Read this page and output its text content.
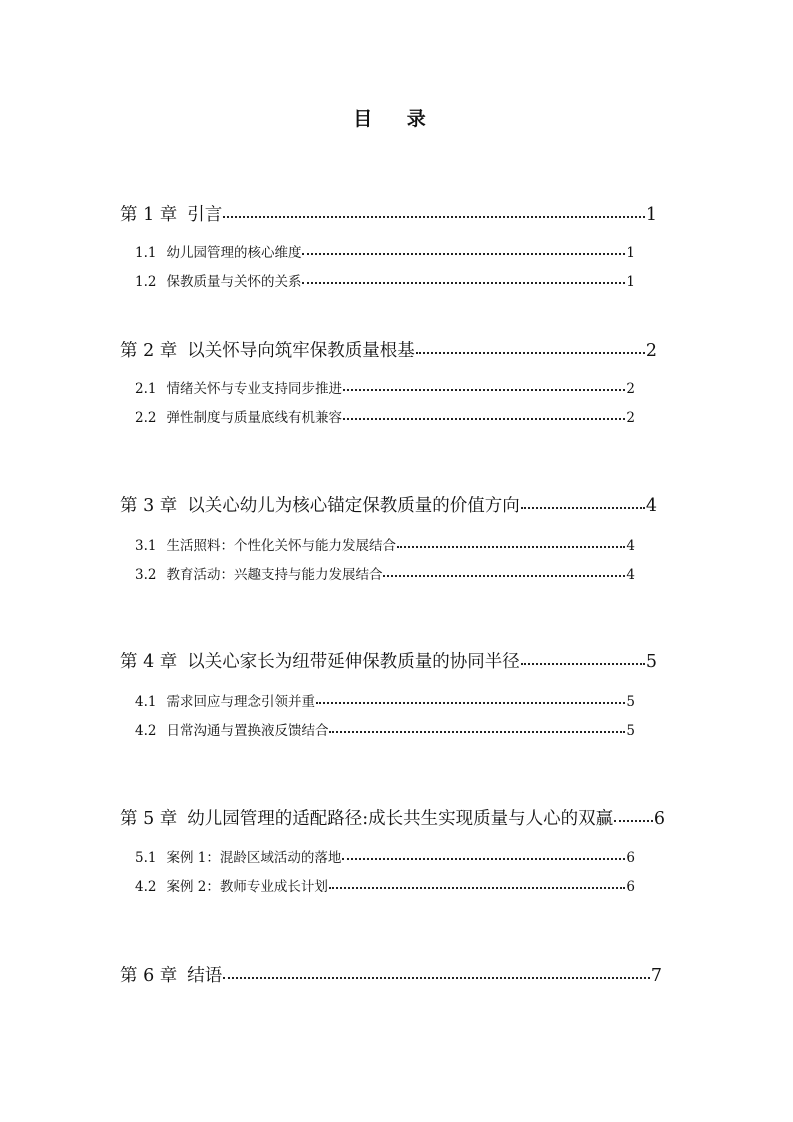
目 录
第 1 章 引言	1
1.1 幼儿园管理的核心维度	1
1.2 保教质量与关怀的关系	1
第 2 章 以关怀导向筑牢保教质量根基	2
2.1 情绪关怀与专业支持同步推进	2
2.2 弹性制度与质量底线有机兼容	2
第 3 章 以关心幼儿为核心锚定保教质量的价值方向	4
3.1 生活照料：个性化关怀与能力发展结合	4
3.2 教育活动：兴趣支持与能力发展结合	4
第 4 章 以关心家长为纽带延伸保教质量的协同半径	5
4.1 需求回应与理念引领并重	5
4.2 日常沟通与置换液反馈结合	5
第 5 章 幼儿园管理的适配路径:成长共生实现质量与人心的双赢 6
5.1 案例 1：混龄区域活动的落地	6
4.2 案例 2：教师专业成长计划	6
第 6 章 结语	7
